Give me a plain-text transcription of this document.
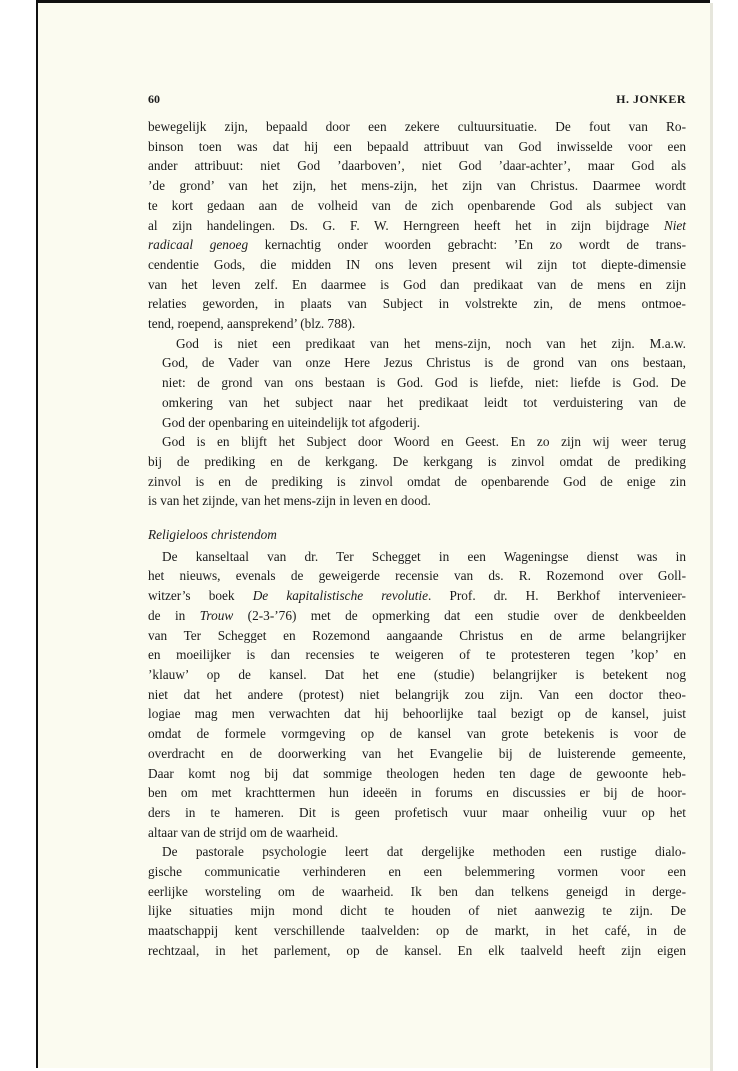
60	H. JONKER

bewegelijk zijn, bepaald door een zekere cultuursituatie. De fout van Ro-
binson toen was dat hij een bepaald attribuut van God inwisselde voor een
ander attribuut: niet God ’daarboven’, niet God ’daar-achter’, maar God als
’de grond’ van het zijn, het mens-zijn, het zijn van Christus. Daarmee wordt
te kort gedaan aan de volheid van de zich openbarende God als subject van
al zijn handelingen. Ds. G. F. W. Herngreen heeft het in zijn bijdrage Niet
radicaal genoeg kernachtig onder woorden gebracht: ’En zo wordt de trans-
cendentie Gods, die midden IN ons leven present wil zijn tot diepte-dimensie
van het leven zelf. En daarmee is God dan predikaat van de mens en zijn
relaties geworden, in plaats van Subject in volstrekte zin, de mens ontmoe-
tend, roepend, aansprekend’ (blz. 788).

God is niet een predikaat van het mens-zijn, noch van het zijn. M.a.w.
God, de Vader van onze Here Jezus Christus is de grond van ons bestaan,
niet: de grond van ons bestaan is God. God is liefde, niet: liefde is God. De
omkering van het subject naar het predikaat leidt tot verduistering van de
God der openbaring en uiteindelijk tot afgoderij.

God is en blijft het Subject door Woord en Geest. En zo zijn wij weer terug
bij de prediking en de kerkgang. De kerkgang is zinvol omdat de prediking
zinvol is en de prediking is zinvol omdat de openbarende God de enige zin
is van het zijnde, van het mens-zijn in leven en dood.

Religieloos christendom

De kanseltaal van dr. Ter Schegget in een Wageningse dienst was in
het nieuws, evenals de geweigerde recensie van ds. R. Rozemond over Goll-
witzer’s boek De kapitalistische revolutie. Prof. dr. H. Berkhof intervenieer-
de in Trouw (2-3-’76) met de opmerking dat een studie over de denkbeelden
van Ter Schegget en Rozemond aangaande Christus en de arme belangrijker
en moeilijker is dan recensies te weigeren of te protesteren tegen ’kop’ en
’klauw’ op de kansel. Dat het ene (studie) belangrijker is betekent nog
niet dat het andere (protest) niet belangrijk zou zijn. Van een doctor theo-
logiae mag men verwachten dat hij behoorlijke taal bezigt op de kansel, juist
omdat de formele vormgeving op de kansel van grote betekenis is voor de
overdracht en de doorwerking van het Evangelie bij de luisterende gemeente,
Daar komt nog bij dat sommige theologen heden ten dage de gewoonte heb-
ben om met krachttermen hun ideeën in forums en discussies er bij de hoor-
ders in te hameren. Dit is geen profetisch vuur maar onheilig vuur op het
altaar van de strijd om de waarheid.

De pastorale psychologie leert dat dergelijke methoden een rustige dialo-
gische communicatie verhinderen en een belemmering vormen voor een
eerlijke worsteling om de waarheid. Ik ben dan telkens geneigd in derge-
lijke situaties mijn mond dicht te houden of niet aanwezig te zijn. De
maatschappij kent verschillende taalvelden: op de markt, in het café, in de
rechtzaal, in het parlement, op de kansel. En elk taalveld heeft zijn eigen
